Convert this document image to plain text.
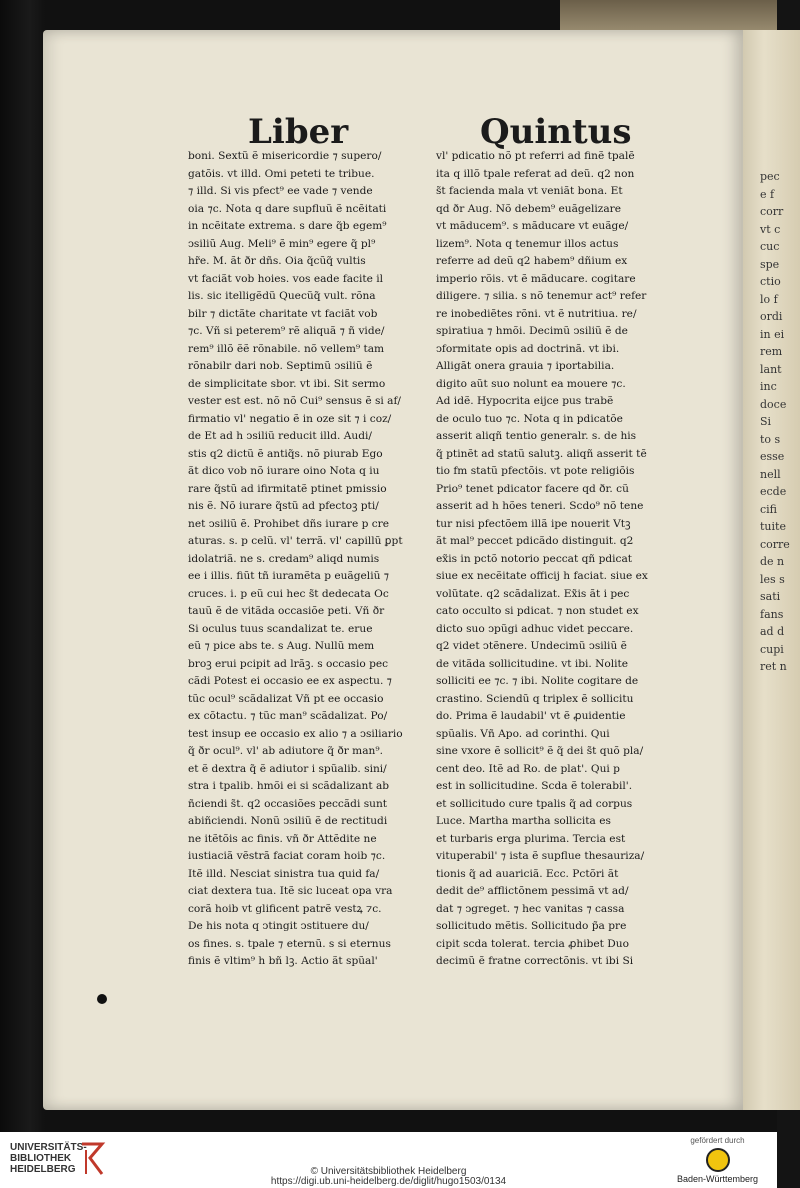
pec
e f
corr
vt c
cuc
spe
ctio
lo f
ordi
in ei
rem
lant
inc
doce
Si
to s
esse
nell
ecde
cifi
tuite
corre
de n
les s
sati
fans
ad d
cupi
ret n
Liber	Quintus
boni. Sextũ ẽ misericordie ⁊ supero/
gatõis. vt illd. Omi peteti te tribue.
⁊ illd. Si vis pfect⁹ ee vade ⁊ vende
oia ⁊c. Nota q dare supfluũ ẽ ncẽitati
in ncẽitate extrema. s dare q̃b egem⁹
ↄsiliũ Aug. Meli⁹ ẽ min⁹ egere q̃ pl⁹
hr̃e. M. ãt ðr dñs. Oia q̃cũq̃ vultis
vt faciãt vob hoies. vos eade facite il
lis. sic itelligẽdũ Quecũq̃ vult. rõna
bilr ⁊ dictãte charitate vt faciãt vob
⁊c. Vñ si peterem⁹ rẽ aliquã ⁊ ñ vide/
rem⁹ illõ ẽẽ rõnabile. nõ vellem⁹ tam
rõnabilr dari nob. Septimũ ↄsiliũ ẽ
de simplicitate sbor. vt ibi. Sit sermo
vester est est. nõ nõ Cui⁹ sensus ẽ si af/
firmatio vl' negatio ẽ in oze sit ⁊ i coz/
de Et ad h ↄsiliũ reducit illd. Audi/
stis q2 dictũ ẽ antiq̃s. nõ piurab Ego
ãt dico vob nõ iurare oino Nota q iu
rare q̃stũ ad ifirmitatẽ ptinet pmissio
nis ẽ. Nõ iurare q̃stũ ad pfectoꝫ pti/
net ↄsiliũ ẽ. Prohibet dñs iurare p cre
aturas. s. p celũ. vl' terrã. vl' capillũ ꝑpt
idolatriã. ne s. credam⁹ aliqd numis
ee i illis. fiũt tñ iuramẽta p euãgeliũ ⁊
cruces. i. p eũ cui hec s̃t dedecata Oc
tauũ ẽ de vitãda occasiõe peti. Vñ ðr
Si oculus tuus scandalizat te. erue
eũ ⁊ pice abs te. s Aug. Nullũ mem
broꝫ erui pcipit ad lrãꝫ. s occasio pec
cãdi Potest ei occasio ee ex aspectu. ⁊
tũc ocul⁹ scãdalizat Vñ pt ee occasio
ex cõtactu. ⁊ tũc man⁹ scãdalizat. Po/
test insup ee occasio ex alio ⁊ a ↄsiliario
q̃ ðr ocul⁹. vl' ab adiutore q̃ ðr man⁹.
et ẽ dextra q̃ ẽ adiutor i spũalib. sini/
stra i tpalib. hmõi ei si scãdalizant ab
ñciendi s̃t. q2 occasiões peccãdi sunt
abiñciendi. Nonũ ↄsiliũ ẽ de rectitudi
ne itẽtõis ac finis. vñ ðr Attẽdite ne
iustiaciã vẽstrã faciat coram hoib ⁊c.
Itẽ illd. Nesciat sinistra tua quid fa/
ciat dextera tua. Itẽ sic luceat opa vra
corã hoib vt glificent patrẽ vestꝝ ⁊c.
De his nota q ↄtingit ↄstituere du/
os fines. s. tpale ⁊ eternũ. s si eternus
finis ẽ vltim⁹ h bñ lꝫ. Actio ãt spũal'
vl' pdicatio nõ pt referri ad finẽ tpalẽ
ita q illõ tpale referat ad deũ. q2 non
s̃t facienda mala vt veniãt bona. Et
qd ðr Aug. Nõ debem⁹ euãgelizare
vt mãducem⁹. s mãducare vt euãge/
lizem⁹. Nota q tenemur illos actus
referre ad deũ q2 habem⁹ dñium ex
imperio rõis. vt ẽ mãducare. cogitare
diligere. ⁊ silia. s nõ tenemur act⁹ refer
re inobediẽtes rõni. vt ẽ nutritiua. re/
spiratiua ⁊ hmõi. Decimũ ↄsiliũ ẽ de
ↄformitate opis ad doctrinã. vt ibi.
Alligãt onera grauia ⁊ iportabilia.
digito aũt suo nolunt ea mouere ⁊c.
Ad idẽ. Hypocrita eijce pus trabẽ
de oculo tuo ⁊c. Nota q in pdicatõe
asserit aliqñ tentio generalr. s. de his
q̃ ptinẽt ad statũ salutꝫ. aliqñ asserit tẽ
tio fm statũ pfectõis. vt pote religiõis
Prio⁹ tenet pdicator facere qd ðr. cũ
asserit ad h hões teneri. Scdo⁹ nõ tene
tur nisi pfectõem illã ipe nouerit Vtꝫ
ãt mal⁹ peccet pdicãdo distinguit. q2
ex̃is in pctõ notorio peccat qñ pdicat
siue ex necẽitate officij h faciat. siue ex
volũtate. q2 scãdalizat. Ex̃is ãt i pec
cato occulto si pdicat. ⁊ non studet ex
dicto suo ↄpũgi adhuc videt peccare.
q2 videt ↄtẽnere. Undecimũ ↄsiliũ ẽ
de vitãda sollicitudine. vt ibi. Nolite
solliciti ee ⁊c. ⁊ ibi. Nolite cogitare de
crastino. Sciendũ q triplex ẽ sollicitu
do. Prima ẽ laudabil' vt ẽ ꝓuidentie
spũalis. Vñ Apo. ad corinthi. Qui
sine vxore ẽ sollicit⁹ ẽ q̃ dei s̃t quõ pla/
cent deo. Itẽ ad Ro. de plat'. Qui p
est in sollicitudine. Scda ẽ tolerabil'.
et sollicitudo cure tpalis q̃ ad corpus
Luce. Martha martha sollicita es
et turbaris erga plurima. Tercia est
vituperabil' ⁊ ista ẽ supflue thesauriza/
tionis q̃ ad auariciã. Ecc. Pctõri ãt
dedit de⁹ afflictõnem pessimã vt ad/
dat ⁊ ↄgreget. ⁊ hec vanitas ⁊ cassa
sollicitudo mẽtis. Sollicitudo p̃a pre
cipit scda tolerat. tercia ꝓhibet Duo
decimũ ẽ fratne correctõnis. vt ibi Si
UNIVERSITÄTS-
BIBLIOTHEK
HEIDELBERG	© Universitätsbibliothek Heidelberg
https://digi.ub.uni-heidelberg.de/diglit/hugo1503/0134
gefördert durch
Baden-Württemberg
